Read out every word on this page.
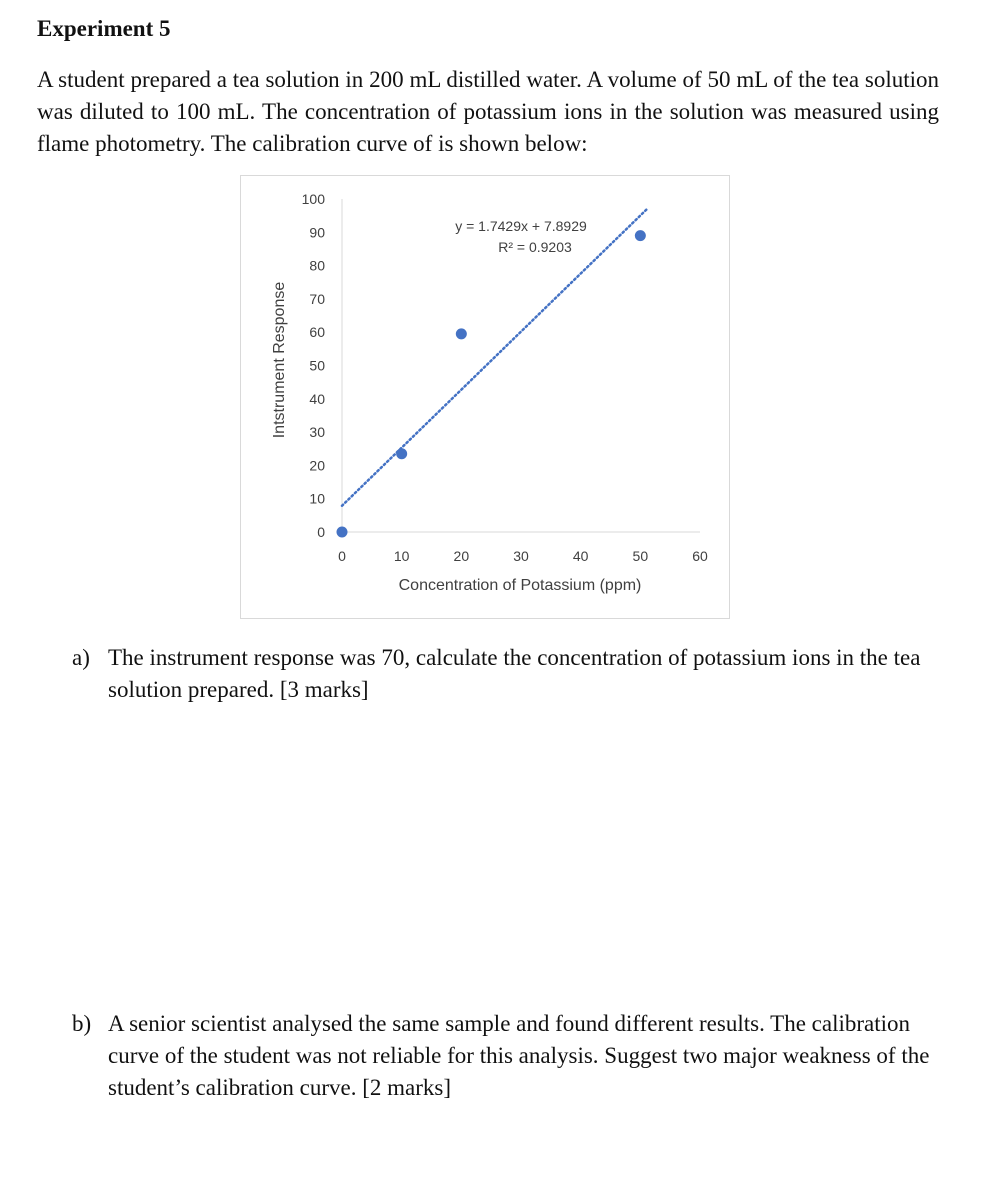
Experiment 5
A student prepared a tea solution in 200 mL distilled water. A volume of 50 mL of the tea solution was diluted to 100 mL. The concentration of potassium ions in the solution was measured using flame photometry. The calibration curve of is shown below:
0
10
20
30
40
50
60
70
80
90
100
0	10	20	30	40	50	60
y = 1.7429x + 7.8929
R² = 0.9203
Concentration of Potassium (ppm)
Intstrument Response
a) The instrument response was 70, calculate the concentration of potassium ions in the tea solution prepared. [3 marks]
b) A senior scientist analysed the same sample and found different results. The calibration curve of the student was not reliable for this analysis. Suggest two major weakness of the student’s calibration curve. [2 marks]
